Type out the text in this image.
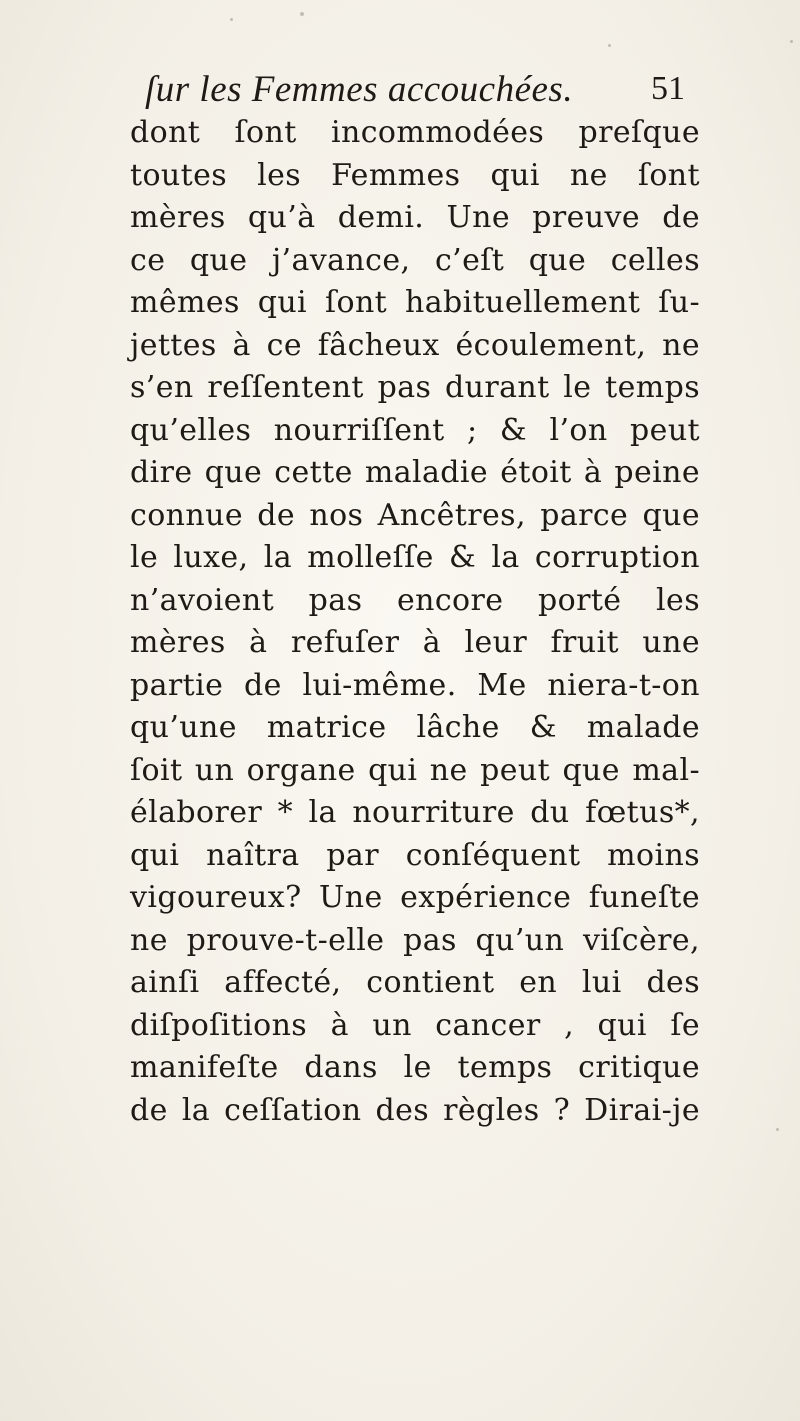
ſur les Femmes accouchées. 51
dont ſont incommodées preſque
toutes les Femmes qui ne ſont
mères qu’à demi. Une preuve de
ce que j’avance, c’eſt que celles
mêmes qui ſont habituellement ſu-
jettes à ce fâcheux écoulement, ne
s’en reſſentent pas durant le temps
qu’elles nourriſſent ; & l’on peut
dire que cette maladie étoit à peine
connue de nos Ancêtres, parce que
le luxe, la molleſſe & la corruption
n’avoient pas encore porté les
mères à refuſer à leur fruit une
partie de lui-même. Me niera-t-on
qu’une matrice lâche & malade
ſoit un organe qui ne peut que mal-
élaborer * la nourriture du fœtus*,
qui naîtra par conſéquent moins
vigoureux? Une expérience funeſte
ne prouve-t-elle pas qu’un viſcère,
ainſi affecté, contient en lui des
diſpoſitions à un cancer , qui ſe
manifeſte dans le temps critique
de la ceſſation des règles ? Dirai-je
